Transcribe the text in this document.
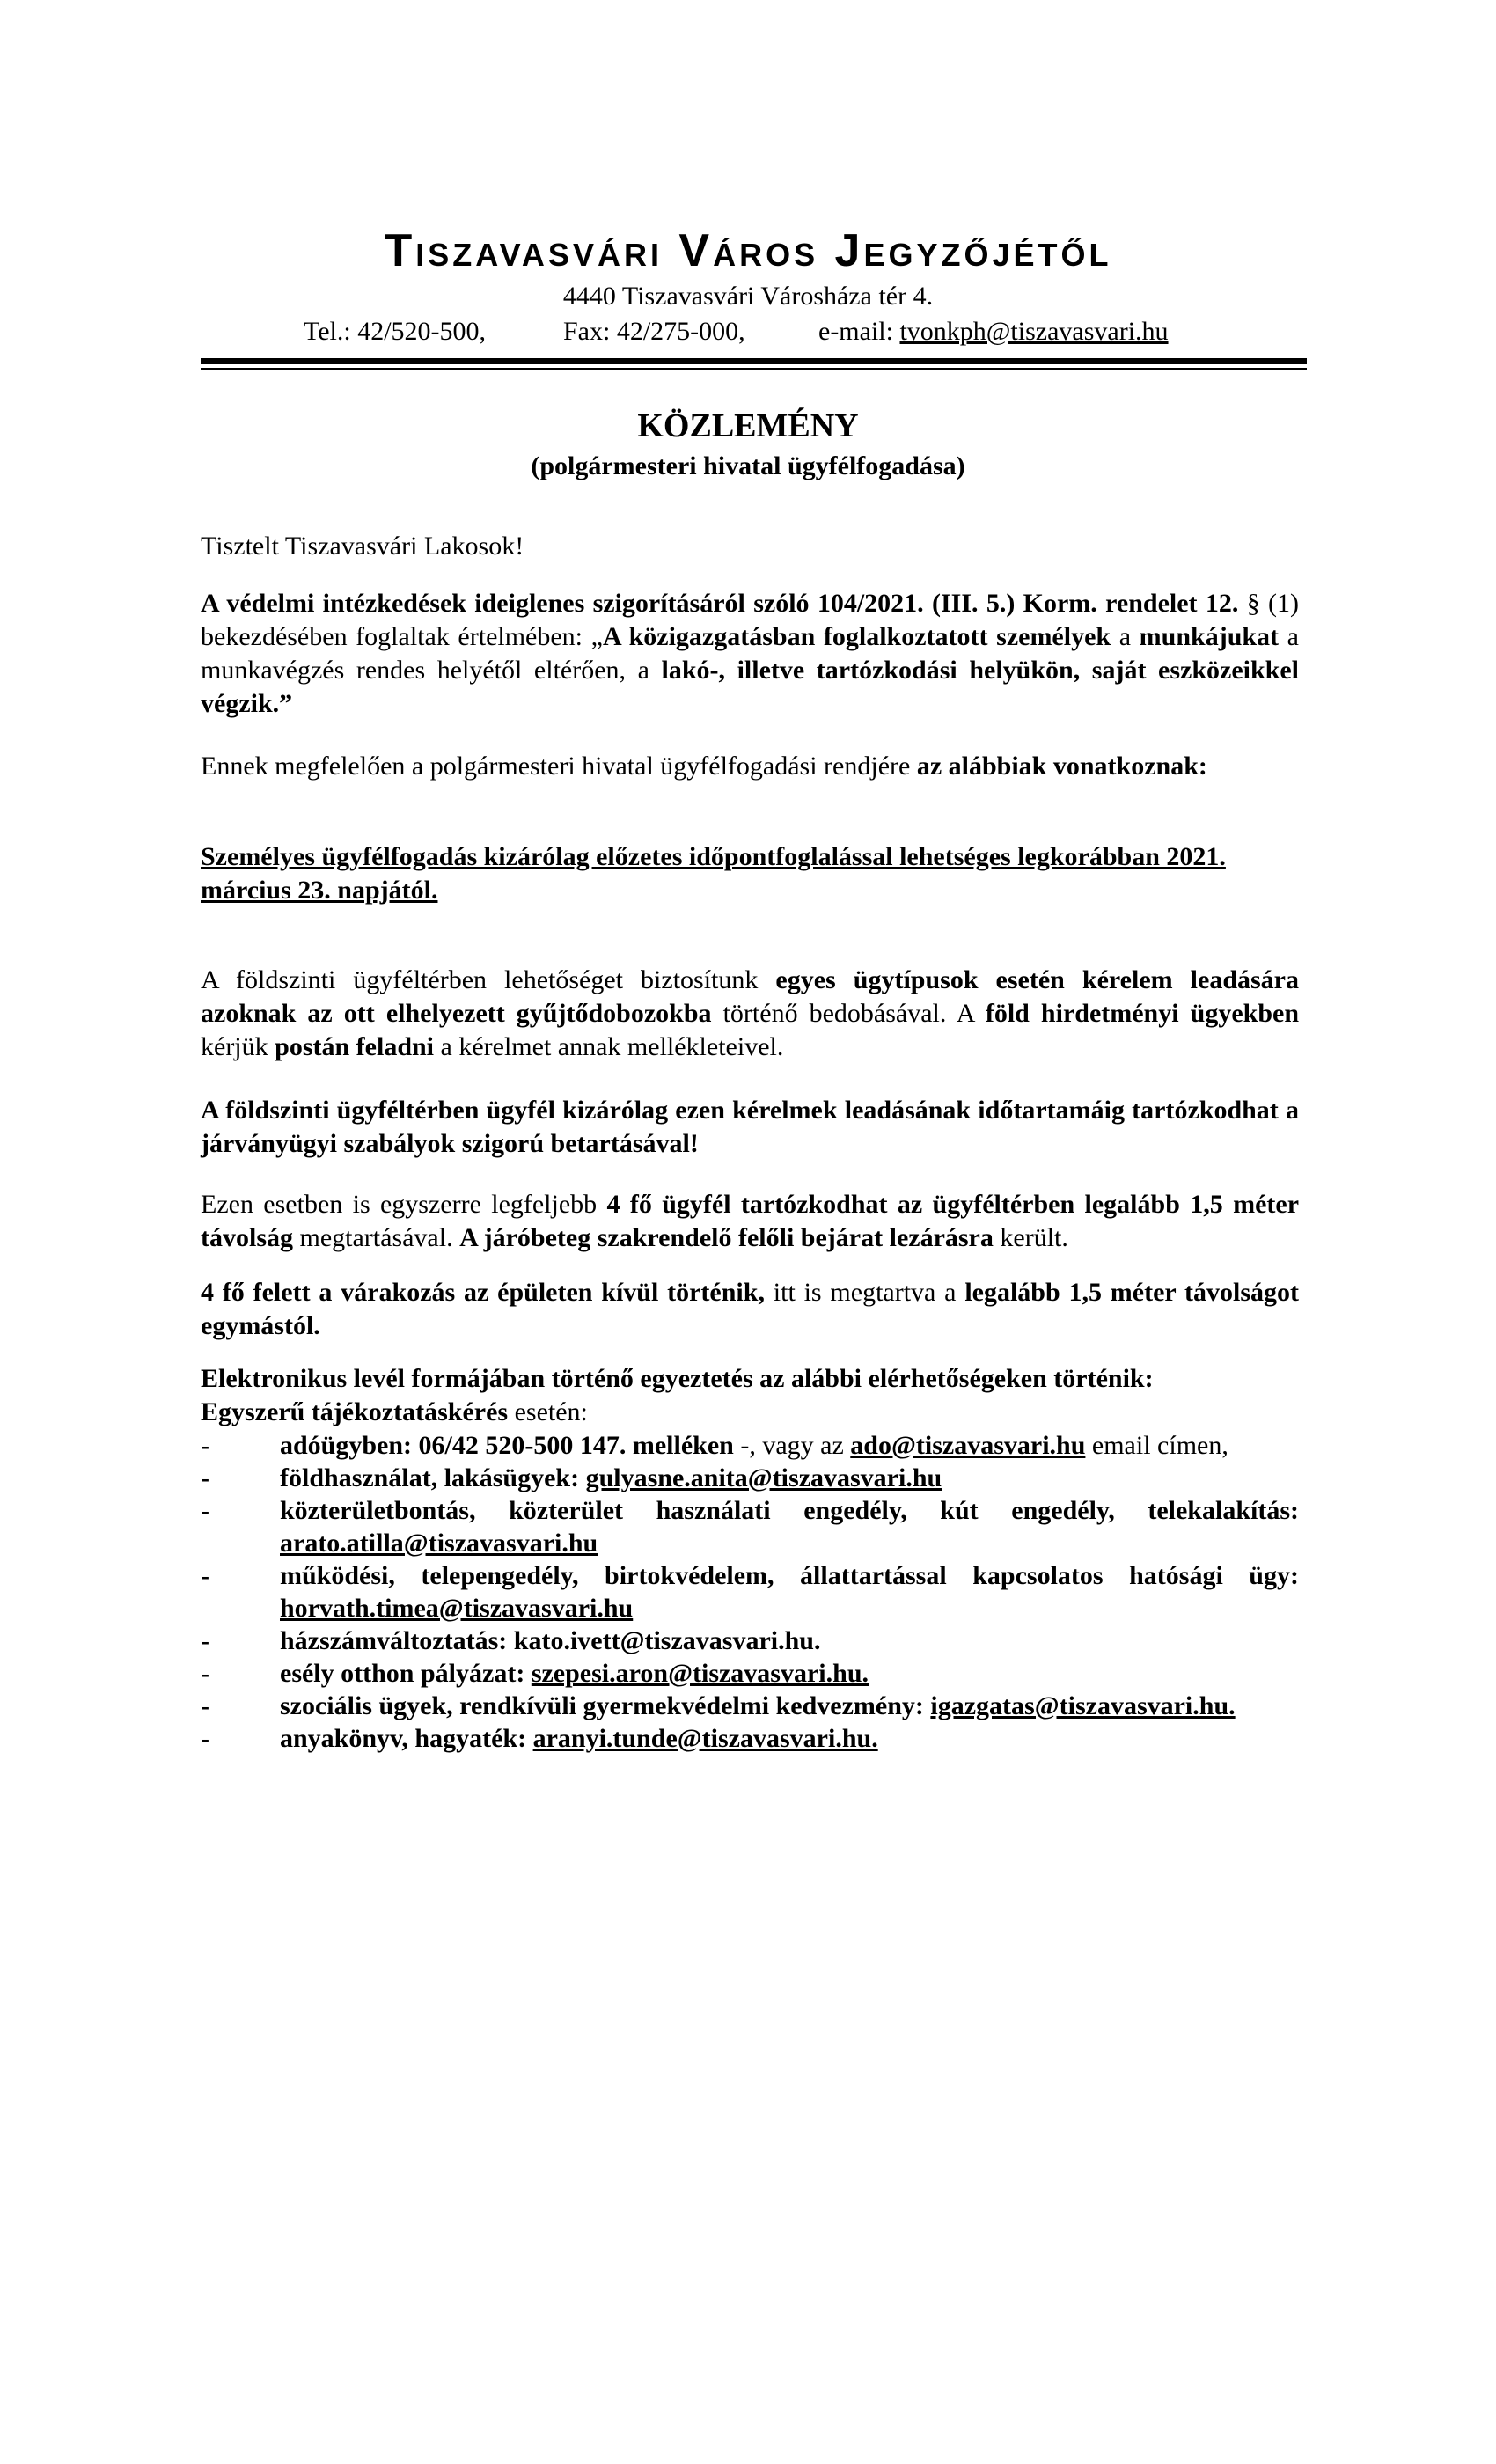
Tiszavasvári Város Jegyzőjétől
4440 Tiszavasvári Városháza tér 4.
Tel.: 42/520-500,	Fax: 42/275-000,	e-mail: tvonkph@tiszavasvari.hu
KÖZLEMÉNY
(polgármesteri hivatal ügyfélfogadása)
Tisztelt Tiszavasvári Lakosok!

A védelmi intézkedések ideiglenes szigorításáról szóló 104/2021. (III. 5.) Korm. rendelet 12. § (1) bekezdésében foglaltak értelmében: „A közigazgatásban foglalkoztatott személyek a munkájukat a munkavégzés rendes helyétől eltérően, a lakó-, illetve tartózkodási helyükön, saját eszközeikkel végzik.”

Ennek megfelelően a polgármesteri hivatal ügyfélfogadási rendjére az alábbiak vonatkoznak:

Személyes ügyfélfogadás kizárólag előzetes időpontfoglalással lehetséges legkorábban 2021. március 23. napjától.

A földszinti ügyféltérben lehetőséget biztosítunk egyes ügytípusok esetén kérelem leadására azoknak az ott elhelyezett gyűjtődobozokba történő bedobásával. A föld hirdetményi ügyekben kérjük postán feladni a kérelmet annak mellékleteivel.

A földszinti ügyféltérben ügyfél kizárólag ezen kérelmek leadásának időtartamáig tartózkodhat a járványügyi szabályok szigorú betartásával!

Ezen esetben is egyszerre legfeljebb 4 fő ügyfél tartózkodhat az ügyféltérben legalább 1,5 méter távolság megtartásával. A járóbeteg szakrendelő felőli bejárat lezárásra került.

4 fő felett a várakozás az épületen kívül történik, itt is megtartva a legalább 1,5 méter távolságot egymástól.

Elektronikus levél formájában történő egyeztetés az alábbi elérhetőségeken történik:

Egyszerű tájékoztatáskérés esetén:

- adóügyben: 06/42 520-500 147. melléken -, vagy az ado@tiszavasvari.hu email címen,
- földhasználat, lakásügyek: gulyasne.anita@tiszavasvari.hu
- közterületbontás, közterület használati engedély, kút engedély, telekalakítás: arato.atilla@tiszavasvari.hu
- működési, telepengedély, birtokvédelem, állattartással kapcsolatos hatósági ügy: horvath.timea@tiszavasvari.hu
- házszámváltoztatás: kato.ivett@tiszavasvari.hu.
- esély otthon pályázat: szepesi.aron@tiszavasvari.hu.
- szociális ügyek, rendkívüli gyermekvédelmi kedvezmény: igazgatas@tiszavasvari.hu.
- anyakönyv, hagyaték: aranyi.tunde@tiszavasvari.hu.
